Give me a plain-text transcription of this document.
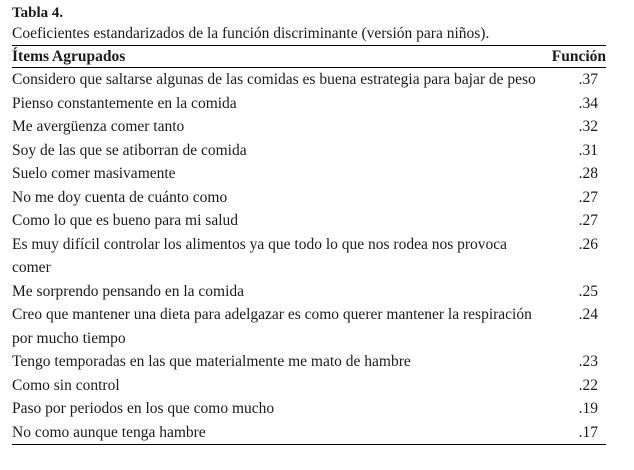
Tabla 4.
Coeficientes estandarizados de la función discriminante (versión para niños).
Ítems Agrupados	Función
Considero que saltarse algunas de las comidas es buena estrategia para bajar de peso	.37
Pienso constantemente en la comida	.34
Me avergüenza comer tanto	.32
Soy de las que se atiborran de comida	.31
Suelo comer masivamente	.28
No me doy cuenta de cuánto como	.27
Como lo que es bueno para mi salud	.27
Es muy difícil controlar los alimentos ya que todo lo que nos rodea nos provoca comer	.26
Me sorprendo pensando en la comida	.25
Creo que mantener una dieta para adelgazar es como querer mantener la respiración por mucho tiempo	.24
Tengo temporadas en las que materialmente me mato de hambre	.23
Como sin control	.22
Paso por periodos en los que como mucho	.19
No como aunque tenga hambre	.17
